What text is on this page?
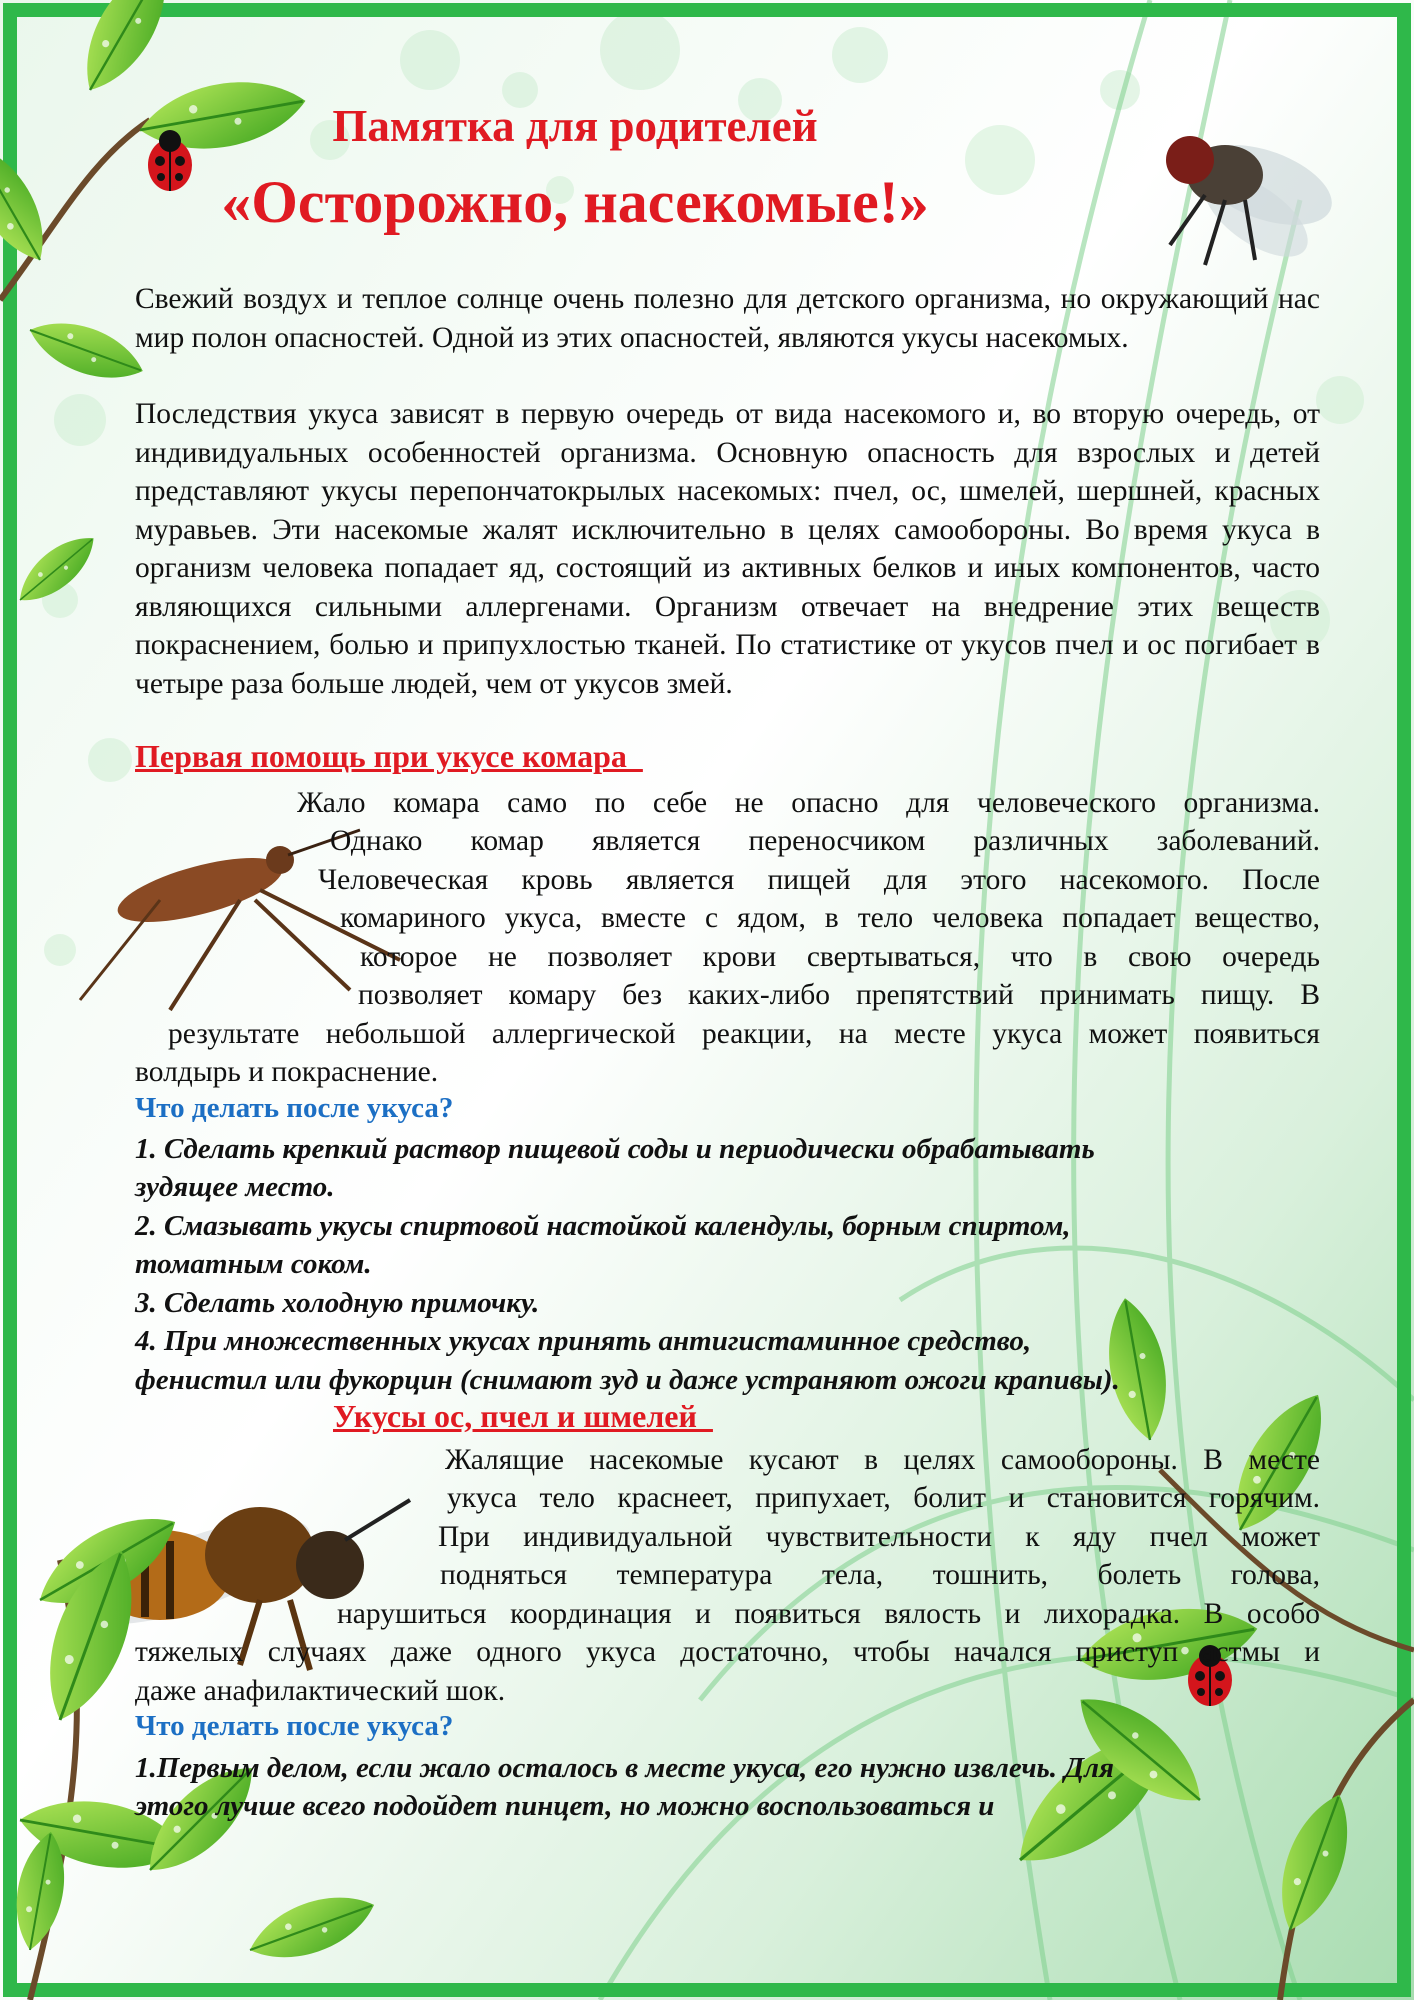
Памятка для родителей
«Осторожно, насекомые!»
Свежий воздух и теплое солнце очень полезно для детского организма, но окружающий нас мир полон опасностей. Одной из этих опасностей, являются укусы насекомых.
Последствия укуса зависят в первую очередь от вида насекомого и, во вторую очередь, от индивидуальных особенностей организма. Основную опасность для взрослых и детей представляют укусы перепончатокрылых насекомых: пчел, ос, шмелей, шершней, красных муравьев. Эти насекомые жалят исключительно в целях самообороны. Во время укуса в организм человека попадает яд, состоящий из активных белков и иных компонентов, часто являющихся сильными аллергенами. Организм отвечает на внедрение этих веществ покраснением, болью и припухлостью тканей. По статистике от укусов пчел и ос погибает в четыре раза больше людей, чем от укусов змей.
Первая помощь при укусе комара
Жало комара само по себе не опасно для человеческого организма.
Однако комар является переносчиком различных заболеваний.
Человеческая кровь является пищей для этого насекомого. После
комариного укуса, вместе с ядом, в тело человека попадает вещество,
которое не позволяет крови свертываться, что в свою очередь
позволяет комару без каких-либо препятствий принимать пищу. В
результате небольшой аллергической реакции, на месте укуса может появиться
волдырь и покраснение.
Что делать после укуса?
1. Сделать крепкий раствор пищевой соды и периодически обрабатывать
зудящее место.
2. Смазывать укусы спиртовой настойкой календулы, борным спиртом,
томатным соком.
3. Сделать холодную примочку.
4. При множественных укусах принять антигистаминное средство,
фенистил или фукорцин (снимают зуд и даже устраняют ожоги крапивы).
Укусы ос, пчел и шмелей
Жалящие насекомые кусают в целях самообороны. В месте
укуса тело краснеет, припухает, болит и становится горячим.
При индивидуальной чувствительности к яду пчел может
подняться температура тела, тошнить, болеть голова,
нарушиться координация и появиться вялость и лихорадка. В особо
тяжелых случаях даже одного укуса достаточно, чтобы начался приступ астмы и
даже анафилактический шок.
Что делать после укуса?
1.Первым делом, если жало осталось в месте укуса, его нужно извлечь. Для
этого лучше всего подойдет пинцет, но можно воспользоваться и
